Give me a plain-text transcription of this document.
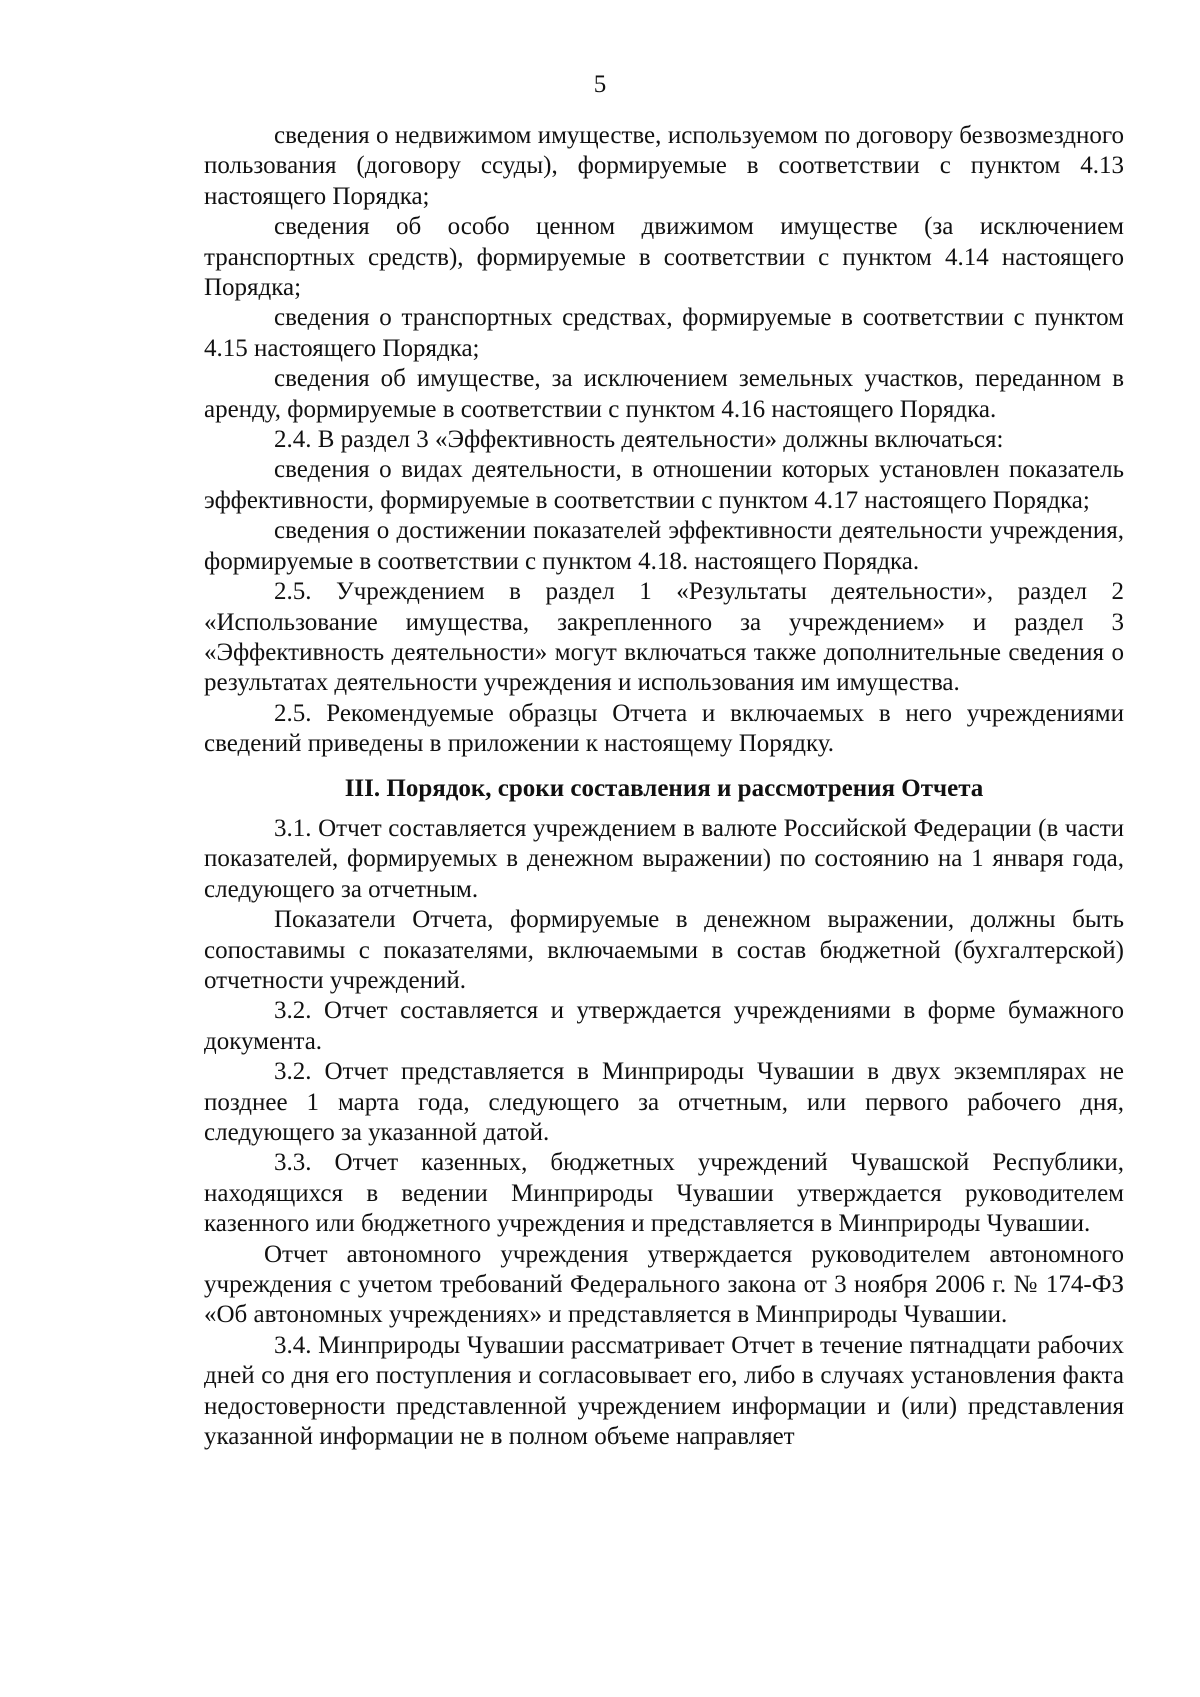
5

сведения о недвижимом имуществе, используемом по договору безвозмездного пользования (договору ссуды), формируемые в соответствии с пунктом 4.13 настоящего Порядка;

сведения об особо ценном движимом имуществе (за исключением транспортных средств), формируемые в соответствии с пунктом 4.14 настоящего Порядка;

сведения о транспортных средствах, формируемые в соответствии с пунктом 4.15 настоящего Порядка;

сведения об имуществе, за исключением земельных участков, переданном в аренду, формируемые в соответствии с пунктом 4.16 настоящего Порядка.

2.4. В раздел 3 «Эффективность деятельности» должны включаться:

сведения о видах деятельности, в отношении которых установлен показатель эффективности, формируемые в соответствии с пунктом 4.17 настоящего Порядка;

сведения о достижении показателей эффективности деятельности учреждения, формируемые в соответствии с пунктом 4.18. настоящего Порядка.

2.5. Учреждением в раздел 1 «Результаты деятельности», раздел 2 «Использование имущества, закрепленного за учреждением» и раздел 3 «Эффективность деятельности» могут включаться также дополнительные сведения о результатах деятельности учреждения и использования им имущества.

2.5. Рекомендуемые образцы Отчета и включаемых в него учреждениями сведений приведены в приложении к настоящему Порядку.

III. Порядок, сроки составления и рассмотрения Отчета

3.1. Отчет составляется учреждением в валюте Российской Федерации (в части показателей, формируемых в денежном выражении) по состоянию на 1 января года, следующего за отчетным.

Показатели Отчета, формируемые в денежном выражении, должны быть сопоставимы с показателями, включаемыми в состав бюджетной (бухгалтерской) отчетности учреждений.

3.2. Отчет составляется и утверждается учреждениями в форме бумажного документа.

3.2. Отчет представляется в Минприроды Чувашии в двух экземплярах не позднее 1 марта года, следующего за отчетным, или первого рабочего дня, следующего за указанной датой.

3.3. Отчет казенных, бюджетных учреждений Чувашской Республики, находящихся в ведении Минприроды Чувашии утверждается руководителем казенного или бюджетного учреждения и представляется в Минприроды Чувашии.

Отчет автономного учреждения утверждается руководителем автономного учреждения с учетом требований Федерального закона от 3 ноября 2006 г. № 174-ФЗ «Об автономных учреждениях» и представляется в Минприроды Чувашии.

3.4. Минприроды Чувашии рассматривает Отчет в течение пятнадцати рабочих дней со дня его поступления и согласовывает его, либо в случаях установления факта недостоверности представленной учреждением информации и (или) представления указанной информации не в полном объеме направляет
